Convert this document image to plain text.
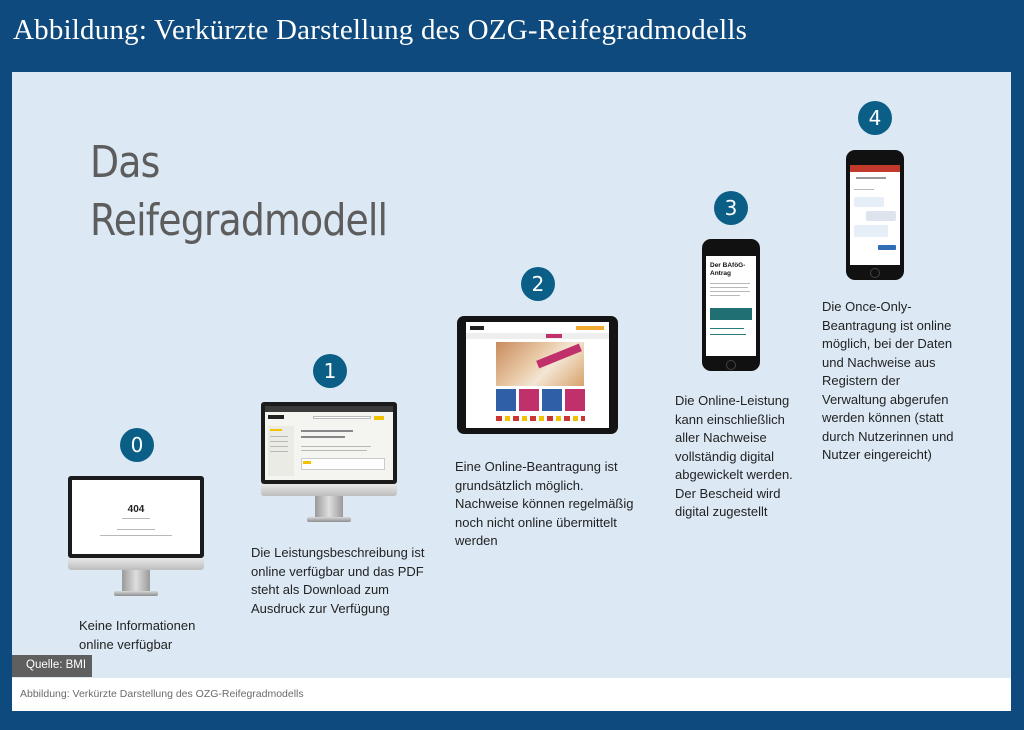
Abbildung: Verkürzte Darstellung des OZG-Reifegradmodells
Das
Reifegradmodell
0
404
Keine Informationen
online verfügbar
1
Die Leistungsbeschreibung ist
online verfügbar und das PDF
steht als Download zum
Ausdruck zur Verfügung
2
Eine Online-Beantragung ist
grundsätzlich möglich.
Nachweise können regelmäßig
noch nicht online übermittelt
werden
3
Der BAföG-
Antrag
Die Online-Leistung
kann einschließlich
aller Nachweise
vollständig digital
abgewickelt werden.
Der Bescheid wird
digital zugestellt
4
Die Once-Only-
Beantragung ist online
möglich, bei der Daten
und Nachweise aus
Registern der
Verwaltung abgerufen
werden können (statt
durch Nutzerinnen und
Nutzer eingereicht)
Quelle: BMI
Abbildung: Verkürzte Darstellung des OZG-Reifegradmodells
